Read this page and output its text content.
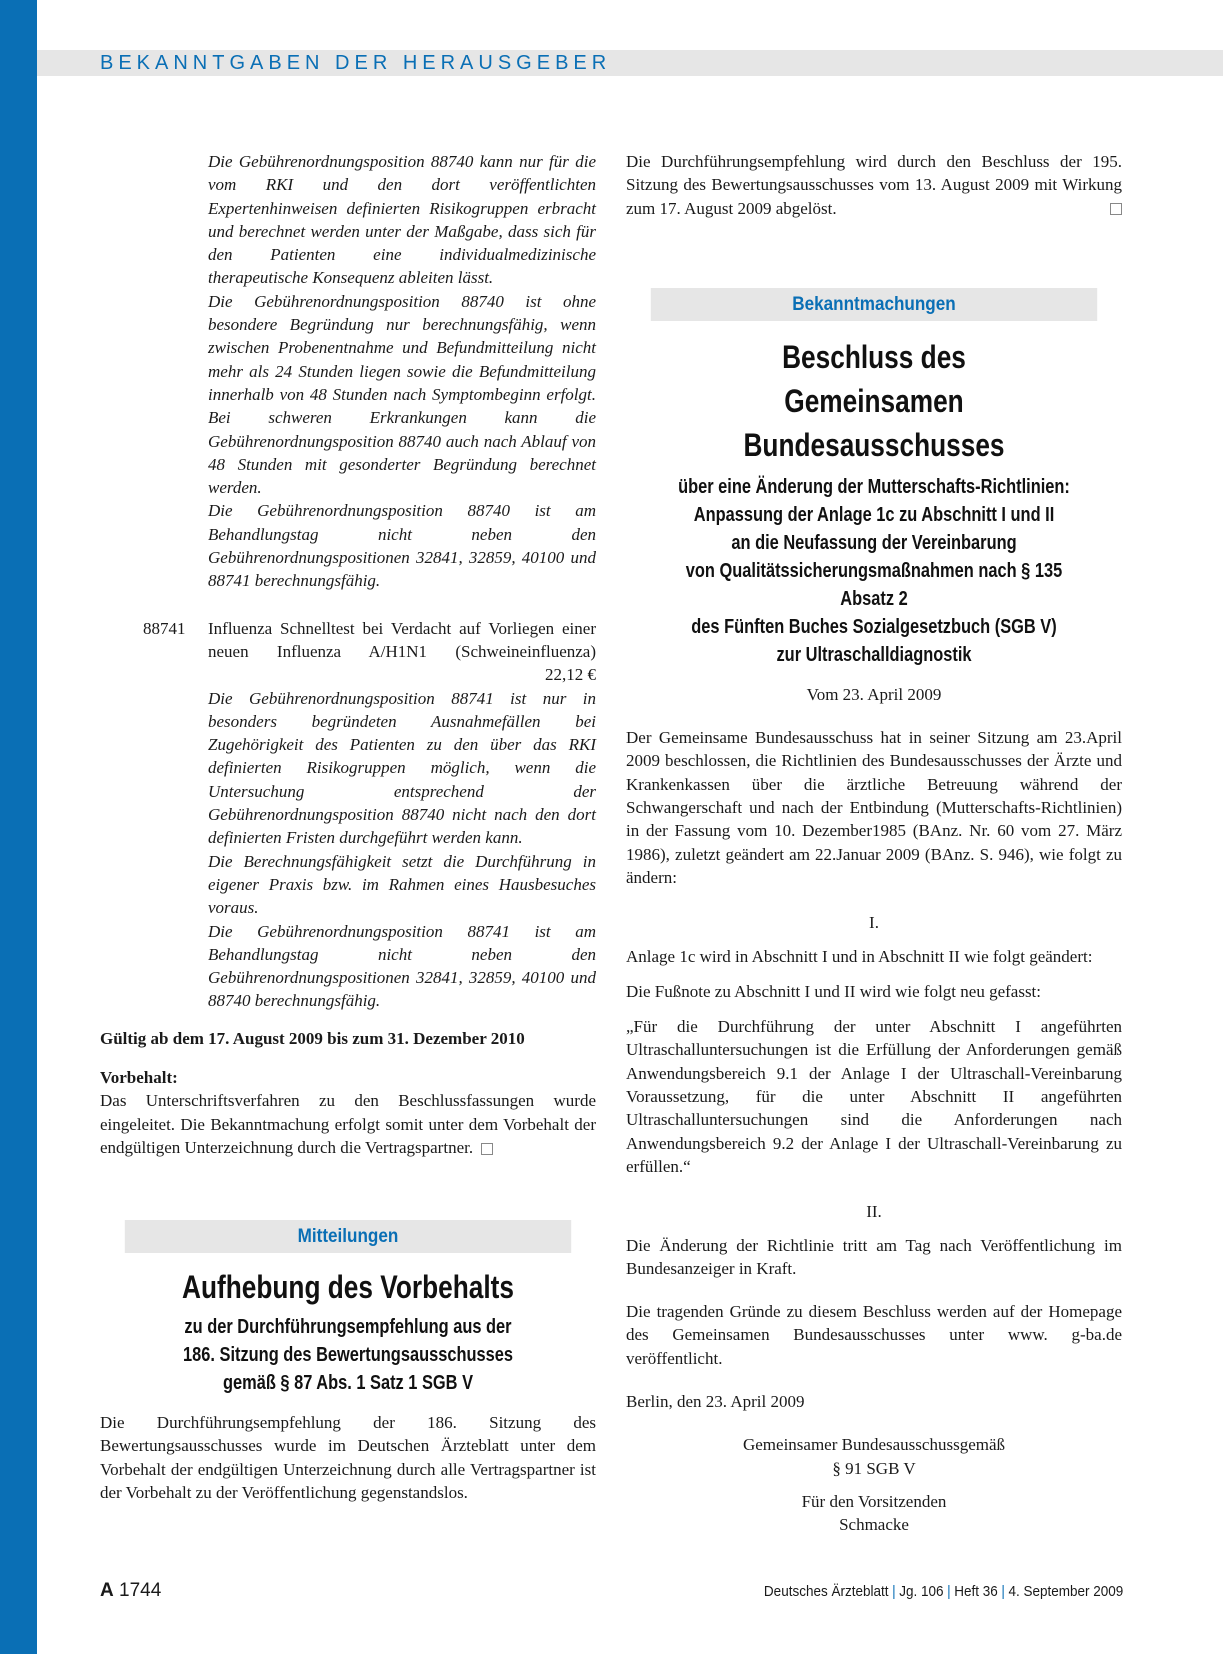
BEKANNTGABEN DER HERAUSGEBER

Die Gebührenordnungsposition 88740 kann nur für die vom RKI und den dort veröffentlichten Expertenhinweisen definierten Risikogruppen erbracht und berechnet werden unter der Maßgabe, dass sich für den Patienten eine individualmedizinische therapeutische Konsequenz ableiten lässt.

Die Gebührenordnungsposition 88740 ist ohne besondere Begründung nur berechnungsfähig, wenn zwischen Probenentnahme und Befundmitteilung nicht mehr als 24 Stunden liegen sowie die Befundmitteilung innerhalb von 48 Stunden nach Symptombeginn erfolgt. Bei schweren Erkrankungen kann die Gebührenordnungsposition 88740 auch nach Ablauf von 48 Stunden mit gesonderter Begründung berechnet werden.

Die Gebührenordnungsposition 88740 ist am Behandlungstag nicht neben den Gebührenordnungspositionen 32841, 32859, 40100 und 88741 berechnungsfähig.

88741	Influenza Schnelltest bei Verdacht auf Vorliegen einer neuen Influenza A/H1N1 (Schweineinfluenza)

22,12 €

Die Gebührenordnungsposition 88741 ist nur in besonders begründeten Ausnahmefällen bei Zugehörigkeit des Patienten zu den über das RKI definierten Risikogruppen möglich, wenn die Untersuchung entsprechend der Gebührenordnungsposition 88740 nicht nach den dort definierten Fristen durchgeführt werden kann.

Die Berechnungsfähigkeit setzt die Durchführung in eigener Praxis bzw. im Rahmen eines Hausbesuches voraus.

Die Gebührenordnungsposition 88741 ist am Behandlungstag nicht neben den Gebührenordnungspositionen 32841, 32859, 40100 und 88740 berechnungsfähig.

Gültig ab dem 17. August 2009 bis zum 31. Dezember 2010

Vorbehalt:

Das Unterschriftsverfahren zu den Beschlussfassungen wurde eingeleitet. Die Bekanntmachung erfolgt somit unter dem Vorbehalt der endgültigen Unterzeichnung durch die Vertragspartner.

Mitteilungen

Aufhebung des Vorbehalts

zu der Durchführungsempfehlung aus der

186. Sitzung des Bewertungsausschusses

gemäß § 87 Abs. 1 Satz 1 SGB V

Die Durchführungsempfehlung der 186. Sitzung des Bewertungsausschusses wurde im Deutschen Ärzteblatt unter dem Vorbehalt der endgültigen Unterzeichnung durch alle Vertragspartner ist der Vorbehalt zu der Veröffentlichung gegenstandslos.

Die Durchführungsempfehlung wird durch den Beschluss der 195. Sitzung des Bewertungsausschusses vom 13. August 2009 mit Wirkung zum 17. August 2009 abgelöst.

Bekanntmachungen

Beschluss des

Gemeinsamen Bundesausschusses

über eine Änderung der Mutterschafts-Richtlinien:

Anpassung der Anlage 1c zu Abschnitt I und II

an die Neufassung der Vereinbarung

von Qualitätssicherungsmaßnahmen nach § 135 Absatz 2

des Fünften Buches Sozialgesetzbuch (SGB V)

zur Ultraschalldiagnostik

Vom 23. April 2009

Der Gemeinsame Bundesausschuss hat in seiner Sitzung am 23.April 2009 beschlossen, die Richtlinien des Bundesausschusses der Ärzte und Krankenkassen über die ärztliche Betreuung während der Schwangerschaft und nach der Entbindung (Mutterschafts-Richtlinien) in der Fassung vom 10. Dezember1985 (BAnz. Nr. 60 vom 27. März 1986), zuletzt geändert am 22.Januar 2009 (BAnz. S. 946), wie folgt zu ändern:

I.

Anlage 1c wird in Abschnitt I und in Abschnitt II wie folgt geändert:

Die Fußnote zu Abschnitt I und II wird wie folgt neu gefasst:

„Für die Durchführung der unter Abschnitt I angeführten Ultraschalluntersuchungen ist die Erfüllung der Anforderungen gemäß Anwendungsbereich 9.1 der Anlage I der Ultraschall-Vereinbarung Voraussetzung, für die unter Abschnitt II angeführten Ultraschalluntersuchungen sind die Anforderungen nach Anwendungsbereich 9.2 der Anlage I der Ultraschall-Vereinbarung zu erfüllen.“

II.

Die Änderung der Richtlinie tritt am Tag nach Veröffentlichung im Bundesanzeiger in Kraft.

Die tragenden Gründe zu diesem Beschluss werden auf der Homepage des Gemeinsamen Bundesausschusses unter www. g-ba.de veröffentlicht.

Berlin, den 23. April 2009

Gemeinsamer Bundesausschussgemäß

§ 91 SGB V

Für den Vorsitzenden

Schmacke

A 1744	Deutsches Ärzteblatt | Jg. 106 | Heft 36 | 4. September 2009
